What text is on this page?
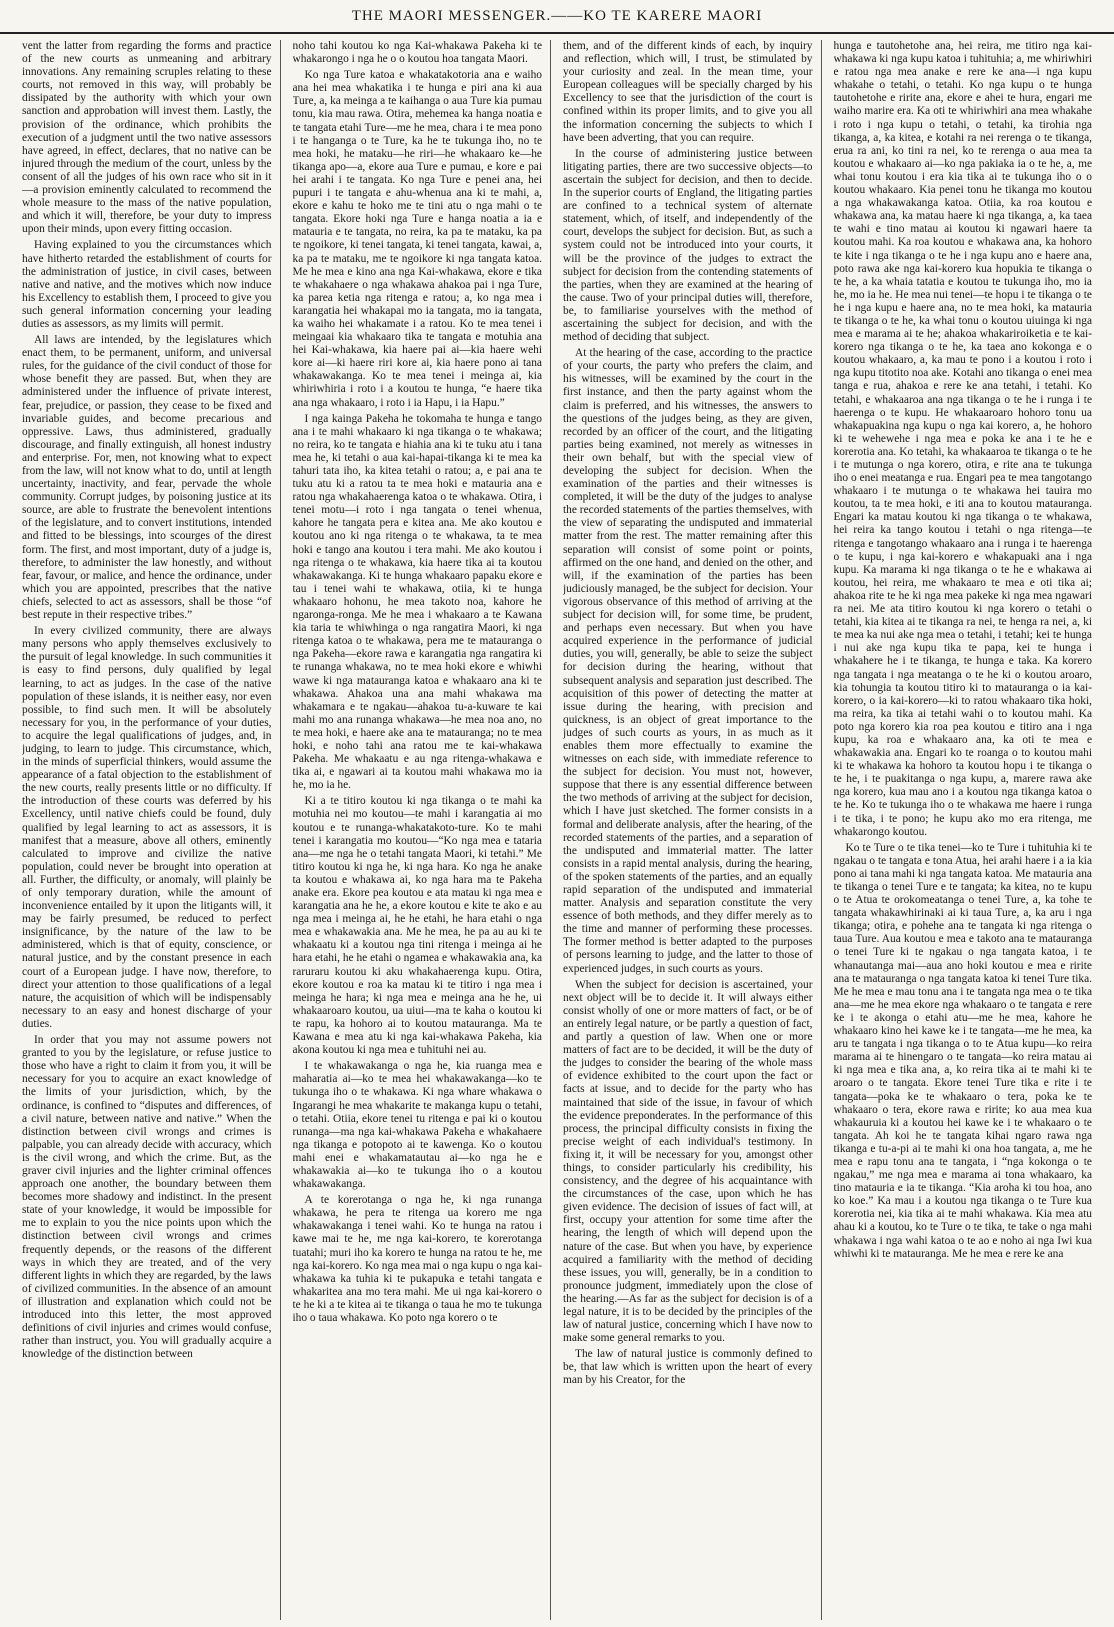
THE MAORI MESSENGER.——KO TE KARERE MAORI

vent the latter from regarding the forms and practice of the new courts as unmeaning and arbitrary innovations. Any remaining scruples relating to these courts, not removed in this way, will probably be dissipated by the authority with which your own sanction and approbation will invest them. Lastly, the provision of the ordinance, which prohibits the execution of a judgment until the two native assessors have agreed, in effect, declares, that no native can be injured through the medium of the court, unless by the consent of all the judges of his own race who sit in it —a provision eminently calculated to recommend the whole measure to the mass of the native population, and which it will, therefore, be your duty to impress upon their minds, upon every fitting occasion.

Having explained to you the circumstances which have hitherto retarded the establishment of courts for the administration of justice, in civil cases, between native and native, and the motives which now induce his Excellency to establish them, I proceed to give you such general information concerning your leading duties as assessors, as my limits will permit.

All laws are intended, by the legislatures which enact them, to be permanent, uniform, and universal rules, for the guidance of the civil conduct of those for whose benefit they are passed. But, when they are administered under the influence of private interest, fear, prejudice, or passion, they cease to be fixed and invariable guides, and become precarious and oppressive. Laws, thus administered, gradually discourage, and finally extinguish, all honest industry and enterprise. For, men, not knowing what to expect from the law, will not know what to do, until at length uncertainty, inactivity, and fear, pervade the whole community. Corrupt judges, by poisoning justice at its source, are able to frustrate the benevolent intentions of the legislature, and to convert institutions, intended and fitted to be blessings, into scourges of the direst form. The first, and most important, duty of a judge is, therefore, to administer the law honestly, and without fear, favour, or malice, and hence the ordinance, under which you are appointed, prescribes that the native chiefs, selected to act as assessors, shall be those “of best repute in their respective tribes.”

In every civilized community, there are always many persons who apply themselves exclusively to the pursuit of legal knowledge. In such communities it is easy to find persons, duly qualified by legal learning, to act as judges. In the case of the native population of these islands, it is neither easy, nor even possible, to find such men. It will be absolutely necessary for you, in the performance of your duties, to acquire the legal qualifications of judges, and, in judging, to learn to judge. This circumstance, which, in the minds of superficial thinkers, would assume the appearance of a fatal objection to the establishment of the new courts, really presents little or no difficulty. If the introduction of these courts was deferred by his Excellency, until native chiefs could be found, duly qualified by legal learning to act as assessors, it is manifest that a measure, above all others, eminently calculated to improve and civilize the native population, could never be brought into operation at all. Further, the difficulty, or anomaly, will plainly be of only temporary duration, while the amount of inconvenience entailed by it upon the litigants will, it may be fairly presumed, be reduced to perfect insignificance, by the nature of the law to be administered, which is that of equity, conscience, or natural justice, and by the constant presence in each court of a European judge. I have now, therefore, to direct your attention to those qualifications of a legal nature, the acquisition of which will be indispensably necessary to an easy and honest discharge of your duties.

In order that you may not assume powers not granted to you by the legislature, or refuse justice to those who have a right to claim it from you, it will be necessary for you to acquire an exact knowledge of the limits of your jurisdiction, which, by the ordinance, is confined to “disputes and differences, of a civil nature, between native and native.” When the distinction between civil wrongs and crimes is palpable, you can already decide with accuracy, which is the civil wrong, and which the crime. But, as the graver civil injuries and the lighter criminal offences approach one another, the boundary between them becomes more shadowy and indistinct. In the present state of your knowledge, it would be impossible for me to explain to you the nice points upon which the distinction between civil wrongs and crimes frequently depends, or the reasons of the different ways in which they are treated, and of the very different lights in which they are regarded, by the laws of civilized communities. In the absence of an amount of illustration and explanation which could not be introduced into this letter, the most approved definitions of civil injuries and crimes would confuse, rather than instruct, you. You will gradually acquire a knowledge of the distinction between

noho tahi koutou ko nga Kai-whakawa Pakeha ki te whakarongo i nga he o o koutou hoa tangata Maori.

Ko nga Ture katoa e whakatakotoria ana e waiho ana hei mea whakatika i te hunga e piri ana ki aua Ture, a, ka meinga a te kaihanga o aua Ture kia pumau tonu, kia mau rawa. Otira, mehemea ka hanga noatia e te tangata etahi Ture—me he mea, chara i te mea pono i te hanganga o te Ture, ka he te tukunga iho, no te mea hoki, he mataku—he riri—he whakaaro ke—he tikanga apo—a, ekore aua Ture e pumau, e kore e pai hei arahi i te tangata. Ko nga Ture e penei ana, hei pupuri i te tangata e ahu-whenua ana ki te mahi, a, ekore e kahu te hoko me te tini atu o nga mahi o te tangata. Ekore hoki nga Ture e hanga noatia a ia e matauria e te tangata, no reira, ka pa te mataku, ka pa te ngoikore, ki tenei tangata, ki tenei tangata, kawai, a, ka pa te mataku, me te ngoikore ki nga tangata katoa. Me he mea e kino ana nga Kai-whakawa, ekore e tika te whakahaere o nga whakawa ahakoa pai i nga Ture, ka parea ketia nga ritenga e ratou; a, ko nga mea i karangatia hei whakapai mo ia tangata, mo ia tangata, ka waiho hei whakamate i a ratou. Ko te mea tenei i meingaai kia whakaaro tika te tangata e motuhia ana hei Kai-whakawa, kia haere pai ai—kia haere wehi kore ai—ki haere riri kore ai, kia haere pono ai tana whakawakanga. Ko te mea tenei i meinga ai, kia whiriwhiria i roto i a koutou te hunga, “e haere tika ana nga whakaaro, i roto i ia Hapu, i ia Hapu.”

I nga kainga Pakeha he tokomaha te hunga e tango ana i te mahi whakaaro ki nga tikanga o te whakawa; no reira, ko te tangata e hiahia ana ki te tuku atu i tana mea he, ki tetahi o aua kai-hapai-tikanga ki te mea ka tahuri tata iho, ka kitea tetahi o ratou; a, e pai ana te tuku atu ki a ratou ta te mea hoki e matauria ana e ratou nga whakahaerenga katoa o te whakawa. Otira, i tenei motu—i roto i nga tangata o tenei whenua, kahore he tangata pera e kitea ana. Me ako koutou e koutou ano ki nga ritenga o te whakawa, ta te mea hoki e tango ana koutou i tera mahi. Me ako koutou i nga ritenga o te whakawa, kia haere tika ai ta koutou whakawakanga. Ki te hunga whakaaro papaku ekore e tau i tenei wahi te whakawa, otiia, ki te hunga whakaaro hohonu, he mea takoto noa, kahore he ngaronga-ronga. Me he mea i whakaaro a te Kawana kia taria te whiwhinga o nga rangatira Maori, ki nga ritenga katoa o te whakawa, pera me te matauranga o nga Pakeha—ekore rawa e karangatia nga rangatira ki te runanga whakawa, no te mea hoki ekore e whiwhi wawe ki nga matauranga katoa e whakaaro ana ki te whakawa. Ahakoa una ana mahi whakawa ma whakamara e te ngakau—ahakoa tu-a-kuware te kai mahi mo ana runanga whakawa—he mea noa ano, no te mea hoki, e haere ake ana te matauranga; no te mea hoki, e noho tahi ana ratou me te kai-whakawa Pakeha. Me whakaatu e au nga ritenga-whakawa e tika ai, e ngawari ai ta koutou mahi whakawa mo ia he, mo ia he.

Ki a te titiro koutou ki nga tikanga o te mahi ka motuhia nei mo koutou—te mahi i karangatia ai mo koutou e te runanga-whakatakoto-ture. Ko te mahi tenei i karangatia mo koutou—“Ko nga mea e tataria ana—me nga he o tetahi tangata Maori, ki tetahi.” Me titiro koutou ki nga he, ki nga hara. Ko nga he anake ta koutou e whakawa ai, ko nga hara ma te Pakeha anake era. Ekore pea koutou e ata matau ki nga mea e karangatia ana he he, a ekore koutou e kite te ako e au nga mea i meinga ai, he he etahi, he hara etahi o nga mea e whakawakia ana. Me he mea, he pa au au ki te whakaatu ki a koutou nga tini ritenga i meinga ai he hara etahi, he he etahi o ngamea e whakawakia ana, ka raruraru koutou ki aku whakahaerenga kupu. Otira, ekore koutou e roa ka matau ki te titiro i nga mea i meinga he hara; ki nga mea e meinga ana he he, ui whakaaroaro koutou, ua uiui—ma te kaha o koutou ki te rapu, ka hohoro ai to koutou matauranga. Ma te Kawana e mea atu ki nga kai-whakawa Pakeha, kia akona koutou ki nga mea e tuhituhi nei au.

I te whakawakanga o nga he, kia ruanga mea e maharatia ai—ko te mea hei whakawakanga—ko te tukunga iho o te whakawa. Ki nga whare whakawa o Ingarangi he mea whakarite te makanga kupu o tetahi, o tetahi. Otiia, ekore tenei tu ritenga e pai ki o koutou runanga—ma nga kai-whakawa Pakeha e whakahaere nga tikanga e potopoto ai te kawenga. Ko o koutou mahi enei e whakamatautau ai—ko nga he e whakawakia ai—ko te tukunga iho o a koutou whakawakanga.

A te korerotanga o nga he, ki nga runanga whakawa, he pera te ritenga ua korero me nga whakawakanga i tenei wahi. Ko te hunga na ratou i kawe mai te he, me nga kai-korero, te korerotanga tuatahi; muri iho ka korero te hunga na ratou te he, me nga kai-korero. Ko nga mea mai o nga kupu o nga kai-whakawa ka tuhia ki te pukapuka e tetahi tangata e whakaritea ana mo tera mahi. Me ui nga kai-korero o te he ki a te kitea ai te tikanga o taua he mo te tukunga iho o taua whakawa. Ko poto nga korero o te

them, and of the different kinds of each, by inquiry and reflection, which will, I trust, be stimulated by your curiosity and zeal. In the mean time, your European colleagues will be specially charged by his Excellency to see that the jurisdiction of the court is confined within its proper limits, and to give you all the information concerning the subjects to which I have been adverting, that you can require.

In the course of administering justice between litigating parties, there are two successive objects—to ascertain the subject for decision, and then to decide. In the superior courts of England, the litigating parties are confined to a technical system of alternate statement, which, of itself, and independently of the court, develops the subject for decision. But, as such a system could not be introduced into your courts, it will be the province of the judges to extract the subject for decision from the contending statements of the parties, when they are examined at the hearing of the cause. Two of your principal duties will, therefore, be, to familiarise yourselves with the method of ascertaining the subject for decision, and with the method of deciding that subject.

At the hearing of the case, according to the practice of your courts, the party who prefers the claim, and his witnesses, will be examined by the court in the first instance, and then the party against whom the claim is preferred, and his witnesses, the answers to the questions of the judges being, as they are given, recorded by an officer of the court, and the litigating parties being examined, not merely as witnesses in their own behalf, but with the special view of developing the subject for decision. When the examination of the parties and their witnesses is completed, it will be the duty of the judges to analyse the recorded statements of the parties themselves, with the view of separating the undisputed and immaterial matter from the rest. The matter remaining after this separation will consist of some point or points, affirmed on the one hand, and denied on the other, and will, if the examination of the parties has been judiciously managed, be the subject for decision. Your vigorous observance of this method of arriving at the subject for decision will, for some time, be prudent, and perhaps even necessary. But when you have acquired experience in the performance of judicial duties, you will, generally, be able to seize the subject for decision during the hearing, without that subsequent analysis and separation just described. The acquisition of this power of detecting the matter at issue during the hearing, with precision and quickness, is an object of great importance to the judges of such courts as yours, in as much as it enables them more effectually to examine the witnesses on each side, with immediate reference to the subject for decision. You must not, however, suppose that there is any essential difference between the two methods of arriving at the subject for decision, which I have just sketched. The former consists in a formal and deliberate analysis, after the hearing, of the recorded statements of the parties, and a separation of the undisputed and immaterial matter. The latter consists in a rapid mental analysis, during the hearing, of the spoken statements of the parties, and an equally rapid separation of the undisputed and immaterial matter. Analysis and separation constitute the very essence of both methods, and they differ merely as to the time and manner of performing these processes. The former method is better adapted to the purposes of persons learning to judge, and the latter to those of experienced judges, in such courts as yours.

When the subject for decision is ascertained, your next object will be to decide it. It will always either consist wholly of one or more matters of fact, or be of an entirely legal nature, or be partly a question of fact, and partly a question of law. When one or more matters of fact are to be decided, it will be the duty of the judges to consider the bearing of the whole mass of evidence exhibited to the court upon the fact or facts at issue, and to decide for the party who has maintained that side of the issue, in favour of which the evidence preponderates. In the performance of this process, the principal difficulty consists in fixing the precise weight of each individual's testimony. In fixing it, it will be necessary for you, amongst other things, to consider particularly his credibility, his consistency, and the degree of his acquaintance with the circumstances of the case, upon which he has given evidence. The decision of issues of fact will, at first, occupy your attention for some time after the hearing, the length of which will depend upon the nature of the case. But when you have, by experience acquired a familiarity with the method of deciding these issues, you will, generally, be in a condition to pronounce judgment, immediately upon the close of the hearing.—As far as the subject for decision is of a legal nature, it is to be decided by the principles of the law of natural justice, concerning which I have now to make some general remarks to you.

The law of natural justice is commonly defined to be, that law which is written upon the heart of every man by his Creator, for the

hunga e tautohetohe ana, hei reira, me titiro nga kai-whakawa ki nga kupu katoa i tuhituhia; a, me whiriwhiri e ratou nga mea anake e rere ke ana—i nga kupu whakahe o tetahi, o tetahi. Ko nga kupu o te hunga tautohetohe e ririte ana, ekore e ahei te hura, engari me waiho marire era. Ka oti te whiriwhiri ana mea whakahe i roto i nga kupu o tetahi, o tetahi, ka tirohia nga tikanga, a, ka kitea, e kotahi ra nei rerenga o te tikanga, erua ra ani, ko tini ra nei, ko te rerenga o aua mea ta koutou e whakaaro ai—ko nga pakiaka ia o te he, a, me whai tonu koutou i era kia tika ai te tukunga iho o o koutou whakaaro. Kia penei tonu he tikanga mo koutou a nga whakawakanga katoa. Otiia, ka roa koutou e whakawa ana, ka matau haere ki nga tikanga, a, ka taea te wahi e tino matau ai koutou ki ngawari haere ta koutou mahi. Ka roa koutou e whakawa ana, ka hohoro te kite i nga tikanga o te he i nga kupu ano e haere ana, poto rawa ake nga kai-korero kua hopukia te tikanga o te he, a ka whaia tatatia e koutou te tukunga iho, mo ia he, mo ia he. He mea nui tenei—te hopu i te tikanga o te he i nga kupu e haere ana, no te mea hoki, ka matauria te tikanga o te he, ka whai tonu o koutou uiuinga ki nga mea e marama ai te he; ahakoa whakariroiketia e te kai-korero nga tikanga o te he, ka taea ano kokonga e o koutou whakaaro, a, ka mau te pono i a koutou i roto i nga kupu titotito noa ake. Kotahi ano tikanga o enei mea tanga e rua, ahakoa e rere ke ana tetahi, i tetahi. Ko tetahi, e whakaaroa ana nga tikanga o te he i runga i te haerenga o te kupu. He whakaaroaro hohoro tonu ua whakapuakina nga kupu o nga kai korero, a, he hohoro ki te wehewehe i nga mea e poka ke ana i te he e korerotia ana. Ko tetahi, ka whakaaroa te tikanga o te he i te mutunga o nga korero, otira, e rite ana te tukunga iho o enei meatanga e rua. Engari pea te mea tangotango whakaaro i te mutunga o te whakawa hei tauira mo koutou, ta te mea hoki, e iti ana to koutou matauranga. Engari ka matau koutou ki nga tikanga o te whakawa, hei reira ka tango koutou i tetahi o nga ritenga—te ritenga e tangotango whakaaro ana i runga i te haerenga o te kupu, i nga kai-korero e whakapuaki ana i nga kupu. Ka marama ki nga tikanga o te he e whakawa ai koutou, hei reira, me whakaaro te mea e oti tika ai; ahakoa rite te he ki nga mea pakeke ki nga mea ngawari ra nei. Me ata titiro koutou ki nga korero o tetahi o tetahi, kia kitea ai te tikanga ra nei, te henga ra nei, a, ki te mea ka nui ake nga mea o tetahi, i tetahi; kei te hunga i nui ake nga kupu tika te papa, kei te hunga i whakahere he i te tikanga, te hunga e taka. Ka korero nga tangata i nga meatanga o te he ki o koutou aroaro, kia tohungia ta koutou titiro ki to matauranga o ia kai-korero, o ia kai-korero—ki to ratou whakaaro tika hoki, ma reira, ka tika ai tetahi wahi o to koutou mahi. Ka poto nga korero kia roa pea koutou e titiro ana i nga kupu, ka roa e whakaaro ana, ka oti te mea e whakawakia ana. Engari ko te roanga o to koutou mahi ki te whakawa ka hohoro ta koutou hopu i te tikanga o te he, i te puakitanga o nga kupu, a, marere rawa ake nga korero, kua mau ano i a koutou nga tikanga katoa o te he. Ko te tukunga iho o te whakawa me haere i runga i te tika, i te pono; he kupu ako mo era ritenga, me whakarongo koutou.

Ko te Ture o te tika tenei—ko te Ture i tuhituhia ki te ngakau o te tangata e tona Atua, hei arahi haere i a ia kia pono ai tana mahi ki nga tangata katoa. Me matauria ana te tikanga o tenei Ture e te tangata; ka kitea, no te kupu o te Atua te orokomeatanga o tenei Ture, a, ka tohe te tangata whakawhirinaki ai ki taua Ture, a, ka aru i nga tikanga; otira, e pohehe ana te tangata ki nga ritenga o taua Ture. Aua koutou e mea e takoto ana te matauranga o tenei Ture ki te ngakau o nga tangata katoa, i te whanautanga mai—aua ano hoki koutou e mea e ririte ana te matauranga o nga tangata katoa ki tenei Ture tika. Me he mea e mau tonu ana i te tangata nga mea o te tika ana—me he mea ekore nga whakaaro o te tangata e rere ke i te akonga o etahi atu—me he mea, kahore he whakaaro kino hei kawe ke i te tangata—me he mea, ka aru te tangata i nga tikanga o to te Atua kupu—ko reira marama ai te hinengaro o te tangata—ko reira matau ai ki nga mea e tika ana, a, ko reira tika ai te mahi ki te aroaro o te tangata. Ekore tenei Ture tika e rite i te tangata—poka ke te whakaaro o tera, poka ke te whakaaro o tera, ekore rawa e ririte; ko aua mea kua whakauruia ki a koutou hei kawe ke i te whakaaro o te tangata. Ah koi he te tangata kihai ngaro rawa nga tikanga e tu-a-pi ai te mahi ki ona hoa tangata, a, me he mea e rapu tonu ana te tangata, i “nga kokonga o te ngakau,” me nga mea e marama ai tona whakaaro, ka tino matauria e ia te tikanga. “Kia aroha ki tou hoa, ano ko koe.” Ka mau i a koutou nga tikanga o te Ture kua korerotia nei, kia tika ai te mahi whakawa. Kia mea atu ahau ki a koutou, ko te Ture o te tika, te take o nga mahi whakawa i nga wahi katoa o te ao e noho ai nga Iwi kua whiwhi ki te matauranga. Me he mea e rere ke ana
